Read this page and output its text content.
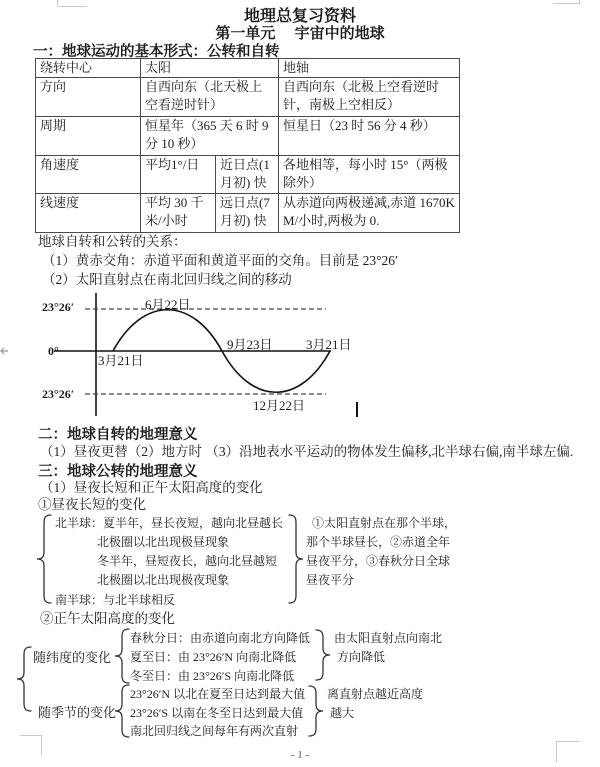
地理总复习资料
第一单元　 宇宙中的地球
一：地球运动的基本形式：公转和自转
绕转中心	太阳		地轴
方向	自西向东（北天极上空看逆时针）		自西向东（北极上空看逆时针，南极上空相反）
周期	恒星年（365 天 6 时 9 分 10 秒）		恒星日（23 时 56 分 4 秒）
角速度	平均1°/日	近日点(1月初) 快	各地相等，每小时 15°（两极除外）
线速度	平均 30 千米/小时	远日点(7月初) 快	从赤道向两极递减,赤道 1670KM/小时,两极为 0.
地球自转和公转的关系：
（1）黄赤交角：赤道平面和黄道平面的交角。目前是 23°26′
（2）太阳直射点在南北回归线之间的移动
23°26′
0°
23°26′
6月22日
3月21日
9月23日	3月21日
12月22日
二：地球自转的地理意义
（1）昼夜更替（2）地方时 （3）沿地表水平运动的物体发生偏移,北半球右偏,南半球左偏.
三：地球公转的地理意义
（1）昼夜长短和正午太阳高度的变化
①昼夜长短的变化
北半球：夏半年，昼长夜短，越向北昼越长
北极圈以北出现极昼现象
冬半年，昼短夜长，越向北昼越短
北极圈以北出现极夜现象
南半球：与北半球相反
①太阳直射点在那个半球，
那个半球昼长，②赤道全年
昼夜平分，③春秋分日全球
昼夜平分
②正午太阳高度的变化
随纬度的变化
春秋分日：由赤道向南北方向降低
夏至日：由 23°26′N 向南北降低
冬至日：由 23°26′S 向南北降低
由太阳直射点向南北
方向降低
随季节的变化
23°26′N 以北在夏至日达到最大值
23°26′S 以南在冬至日达到最大值
南北回归线之间每年有两次直射
离直射点越近高度
越大
- 1 -
